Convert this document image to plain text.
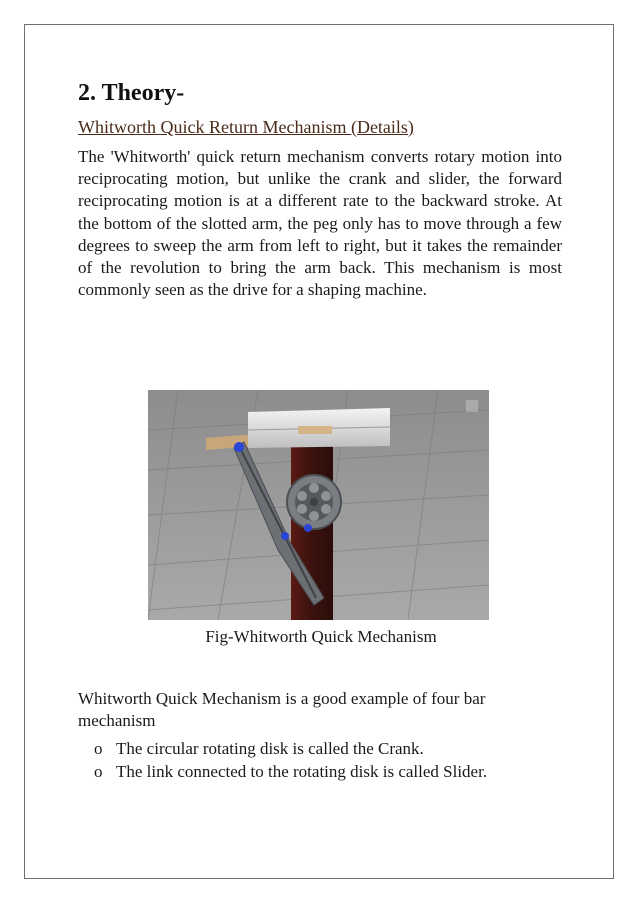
2. Theory-

Whitworth Quick Return Mechanism (Details)

The 'Whitworth' quick return mechanism converts rotary motion into reciprocating motion, but unlike the crank and slider, the forward reciprocating motion is at a different rate to the backward stroke. At the bottom of the slotted arm, the peg only has to move through a few degrees to sweep the arm from left to right, but it takes the remainder of the revolution to bring the arm back. This mechanism is most commonly seen as the drive for a shaping machine.

Fig-Whitworth Quick Mechanism

Whitworth Quick Mechanism is a good example of four bar mechanism

o The circular rotating disk is called the Crank.
o The link connected to the rotating disk is called Slider.
